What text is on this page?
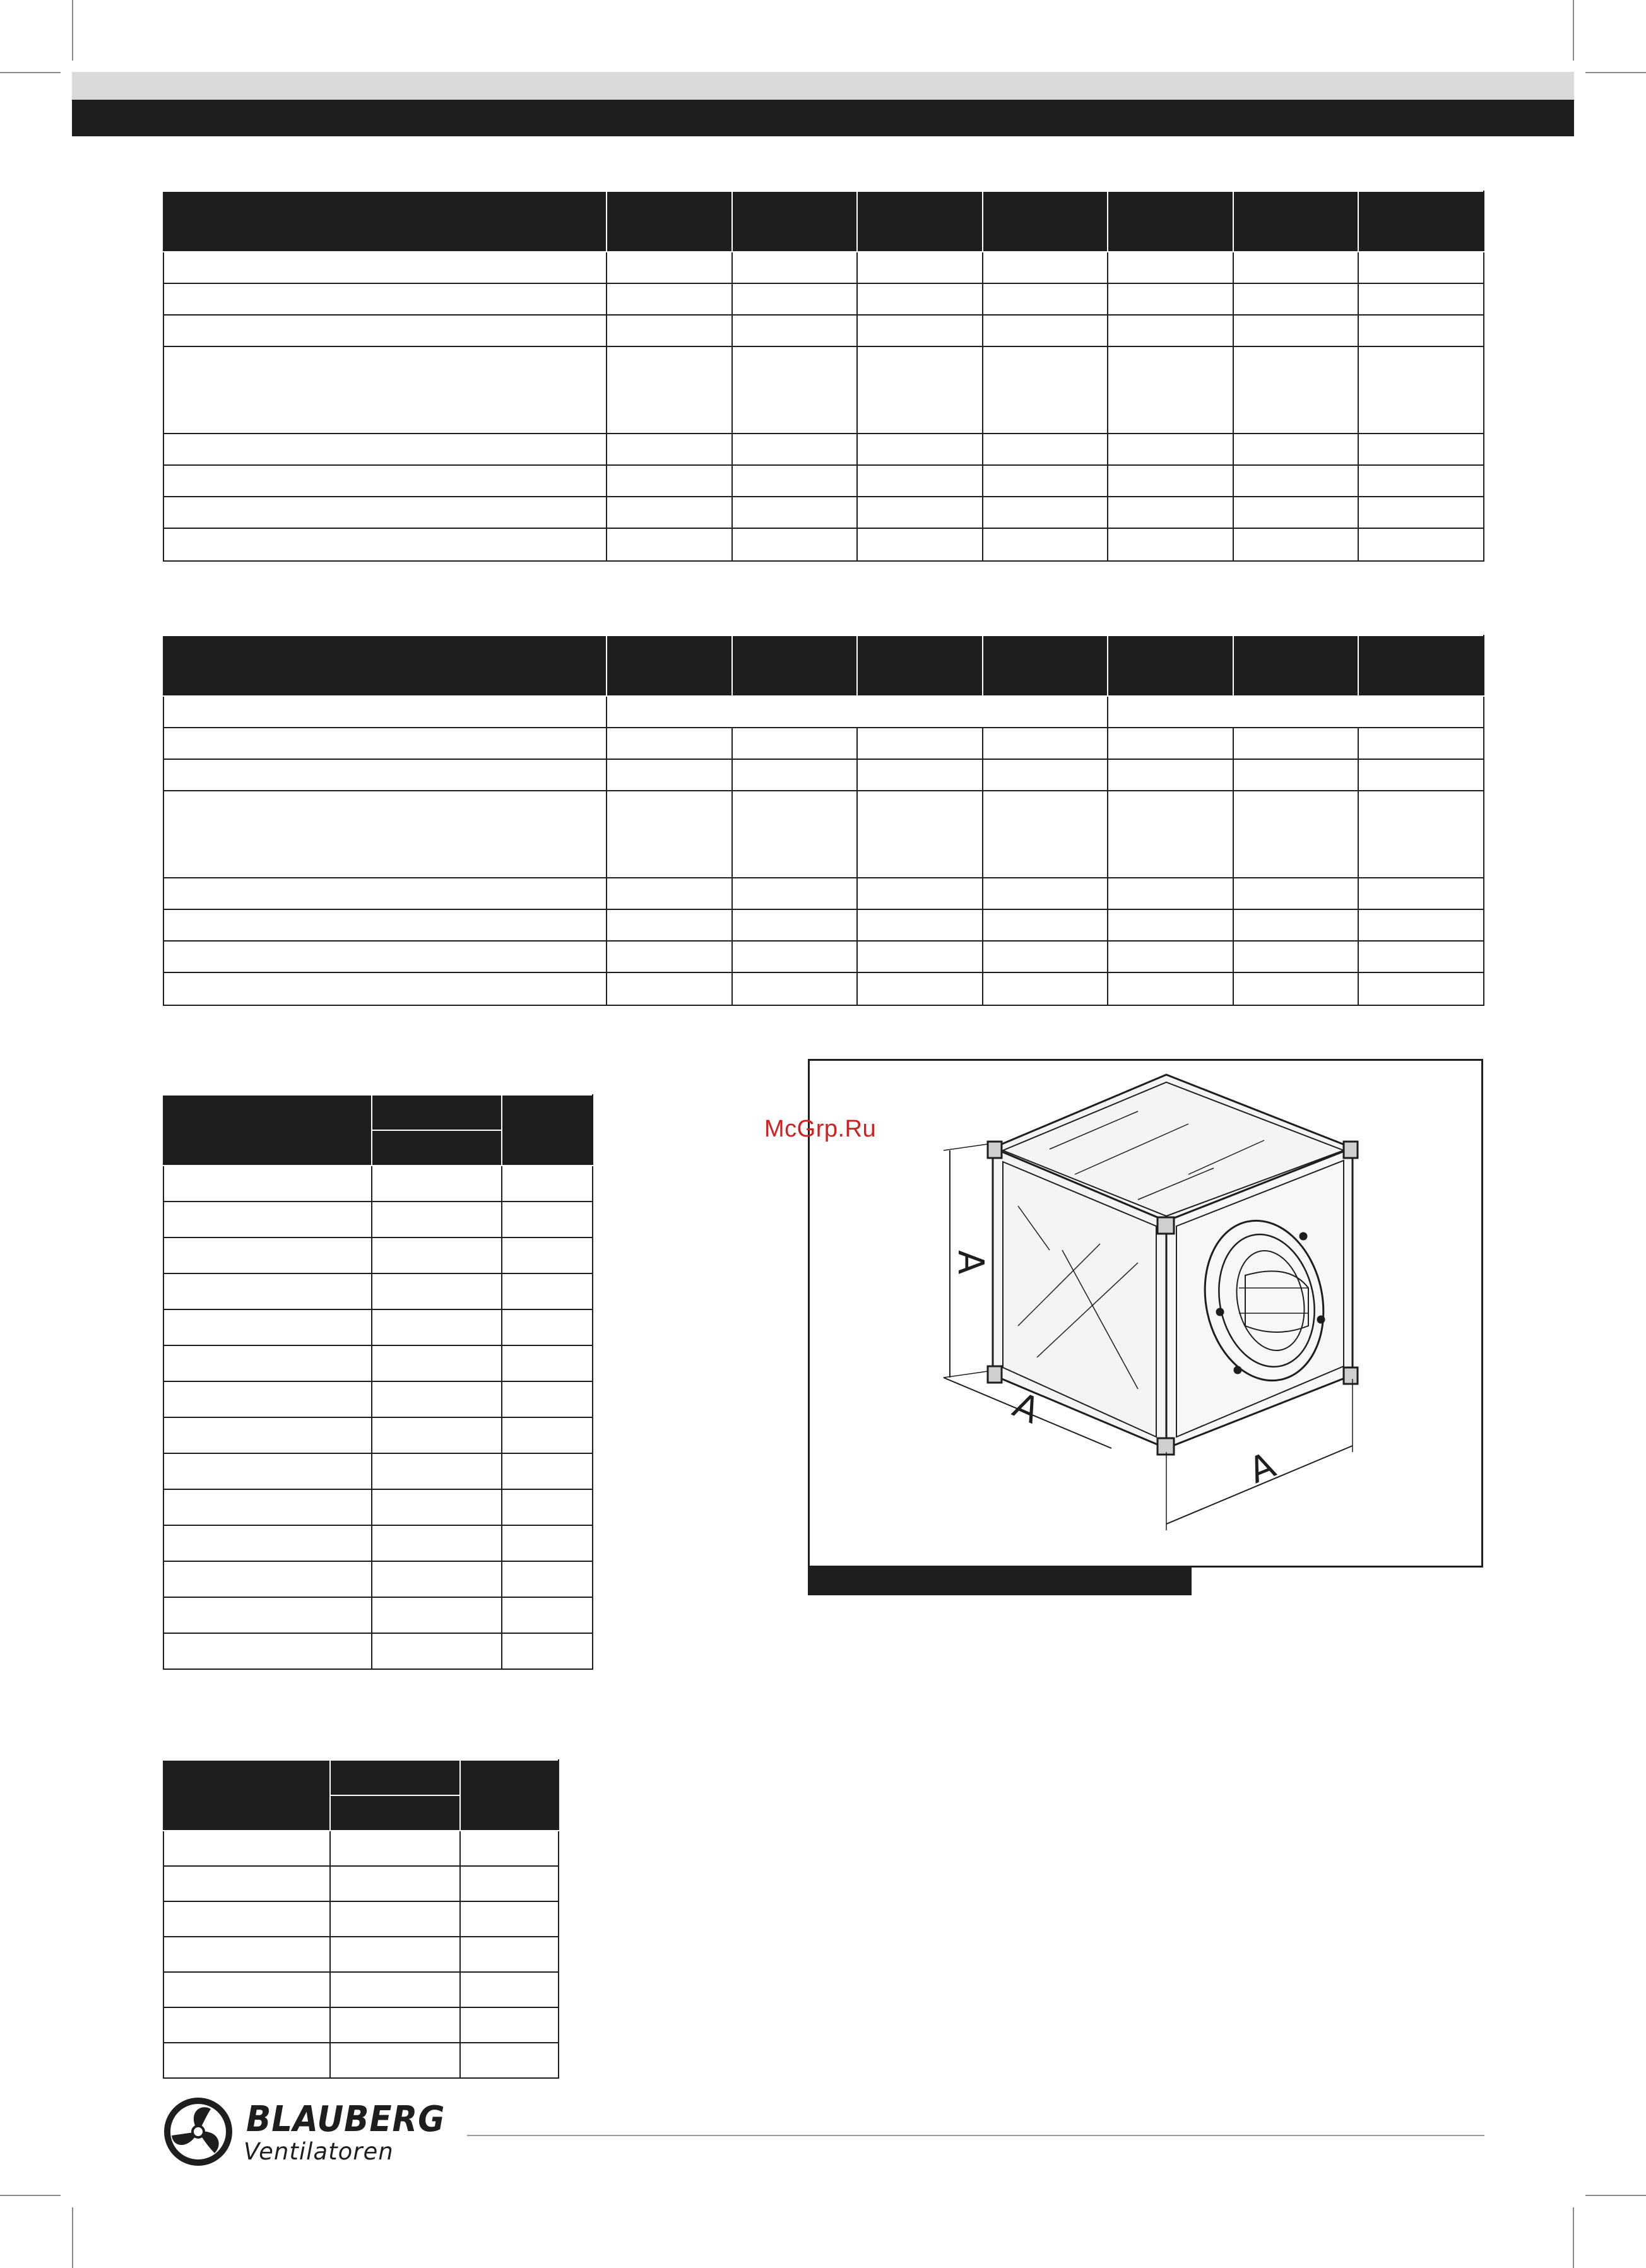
A
A
A
McGrp.Ru
BLAUBERG
Ventilatoren
